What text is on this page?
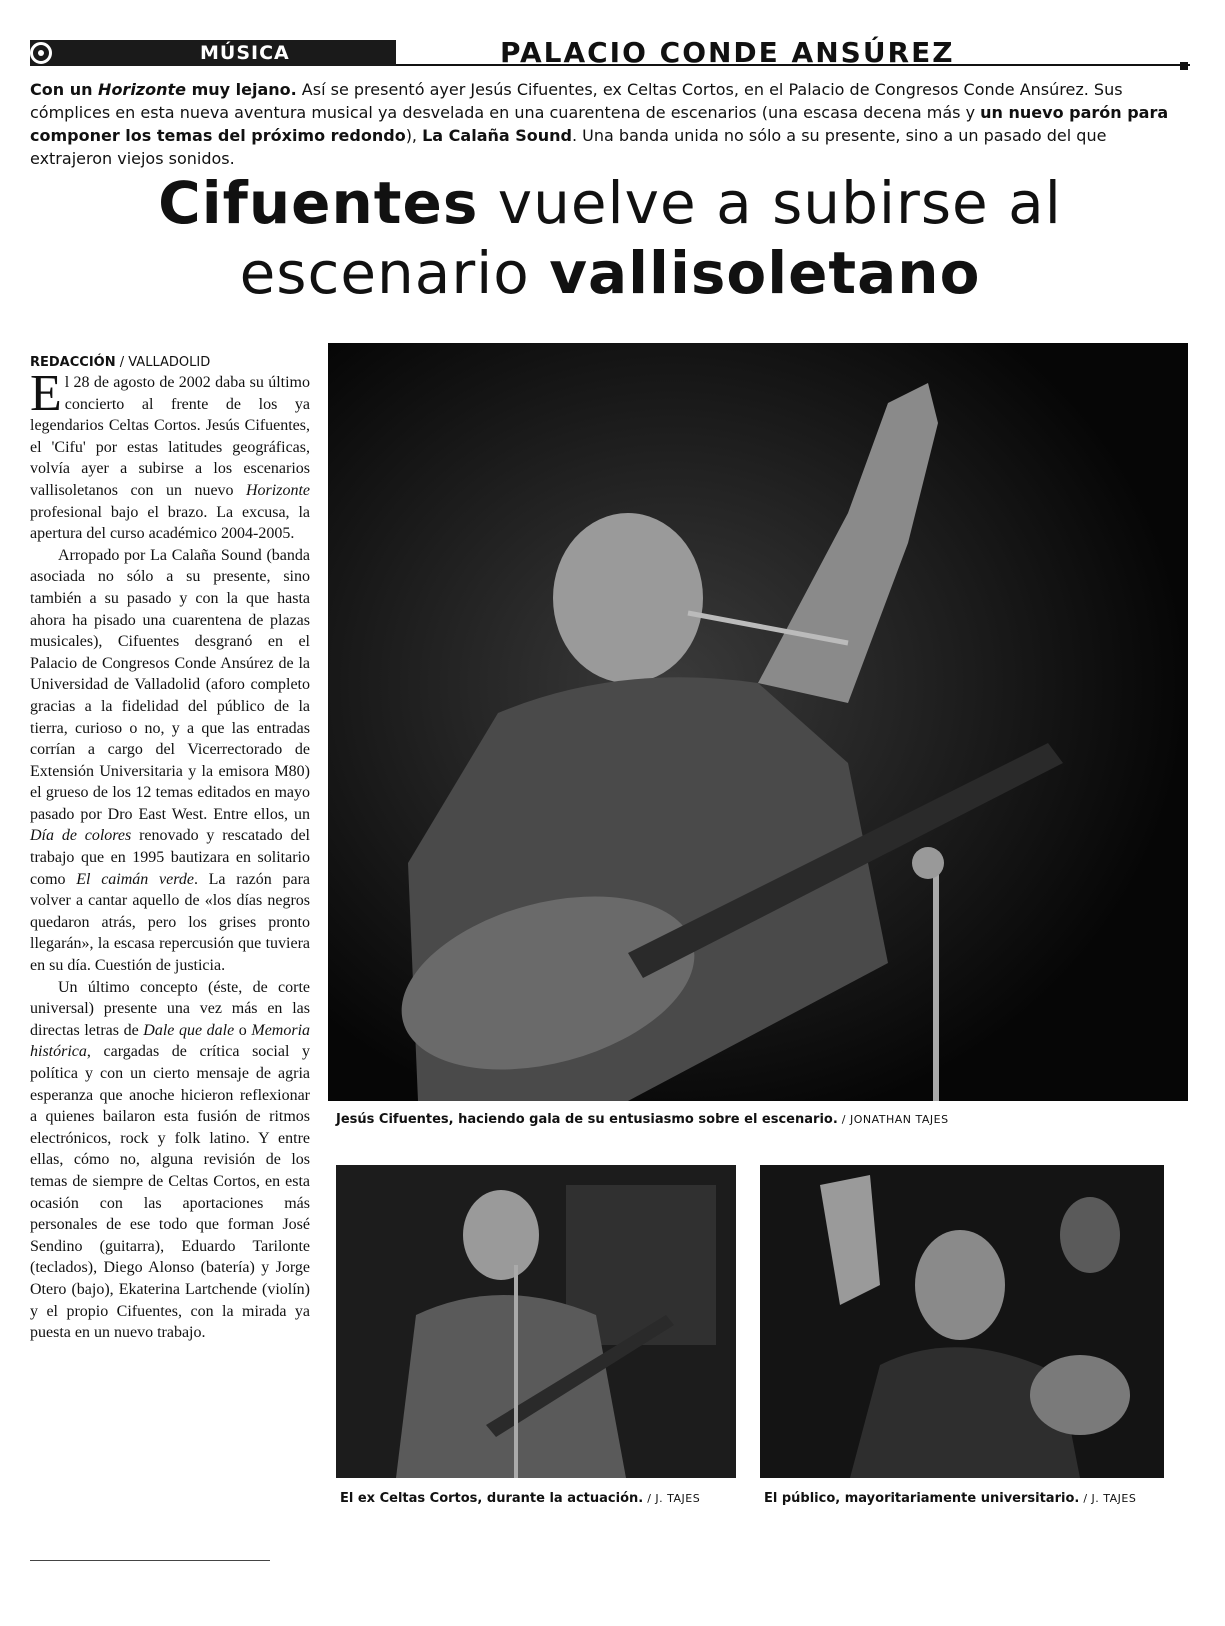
MÚSICA	PALACIO CONDE ANSÚREZ
Con un Horizonte muy lejano. Así se presentó ayer Jesús Cifuentes, ex Celtas Cortos, en el Palacio de Congresos Conde Ansúrez. Sus cómplices en esta nueva aventura musical ya desvelada en una cuarentena de escenarios (una escasa decena más y un nuevo parón para componer los temas del próximo redondo), La Calaña Sound. Una banda unida no sólo a su presente, sino a un pasado del que extrajeron viejos sonidos.
Cifuentes vuelve a subirse al
escenario vallisoletano
REDACCIÓN / VALLADOLID

El 28 de agosto de 2002 daba su último concierto al frente de los ya legendarios Celtas Cortos. Jesús Cifuentes, el 'Cifu' por estas latitudes geográficas, volvía ayer a subirse a los escenarios vallisoletanos con un nuevo Horizonte profesional bajo el brazo. La excusa, la apertura del curso académico 2004-2005.

Arropado por La Calaña Sound (banda asociada no sólo a su presente, sino también a su pasado y con la que hasta ahora ha pisado una cuarentena de plazas musicales), Cifuentes desgranó en el Palacio de Congresos Conde Ansúrez de la Universidad de Valladolid (aforo completo gracias a la fidelidad del público de la tierra, curioso o no, y a que las entradas corrían a cargo del Vicerrectorado de Extensión Universitaria y la emisora M80) el grueso de los 12 temas editados en mayo pasado por Dro East West. Entre ellos, un Día de colores renovado y rescatado del trabajo que en 1995 bautizara en solitario como El caimán verde. La razón para volver a cantar aquello de «los días negros quedaron atrás, pero los grises pronto llegarán», la escasa repercusión que tuviera en su día. Cuestión de justicia.

Un último concepto (éste, de corte universal) presente una vez más en las directas letras de Dale que dale o Memoria histórica, cargadas de crítica social y política y con un cierto mensaje de agria esperanza que anoche hicieron reflexionar a quienes bailaron esta fusión de ritmos electrónicos, rock y folk latino. Y entre ellas, cómo no, alguna revisión de los temas de siempre de Celtas Cortos, en esta ocasión con las aportaciones más personales de ese todo que forman José Sendino (guitarra), Eduardo Tarilonte (teclados), Diego Alonso (batería) y Jorge Otero (bajo), Ekaterina Lartchende (violín) y el propio Cifuentes, con la mirada ya puesta en un nuevo trabajo.

Jesús Cifuentes, haciendo gala de su entusiasmo sobre el escenario. / JONATHAN TAJES
El ex Celtas Cortos, durante la actuación. / J. TAJES	El público, mayoritariamente universitario. / J. TAJES
